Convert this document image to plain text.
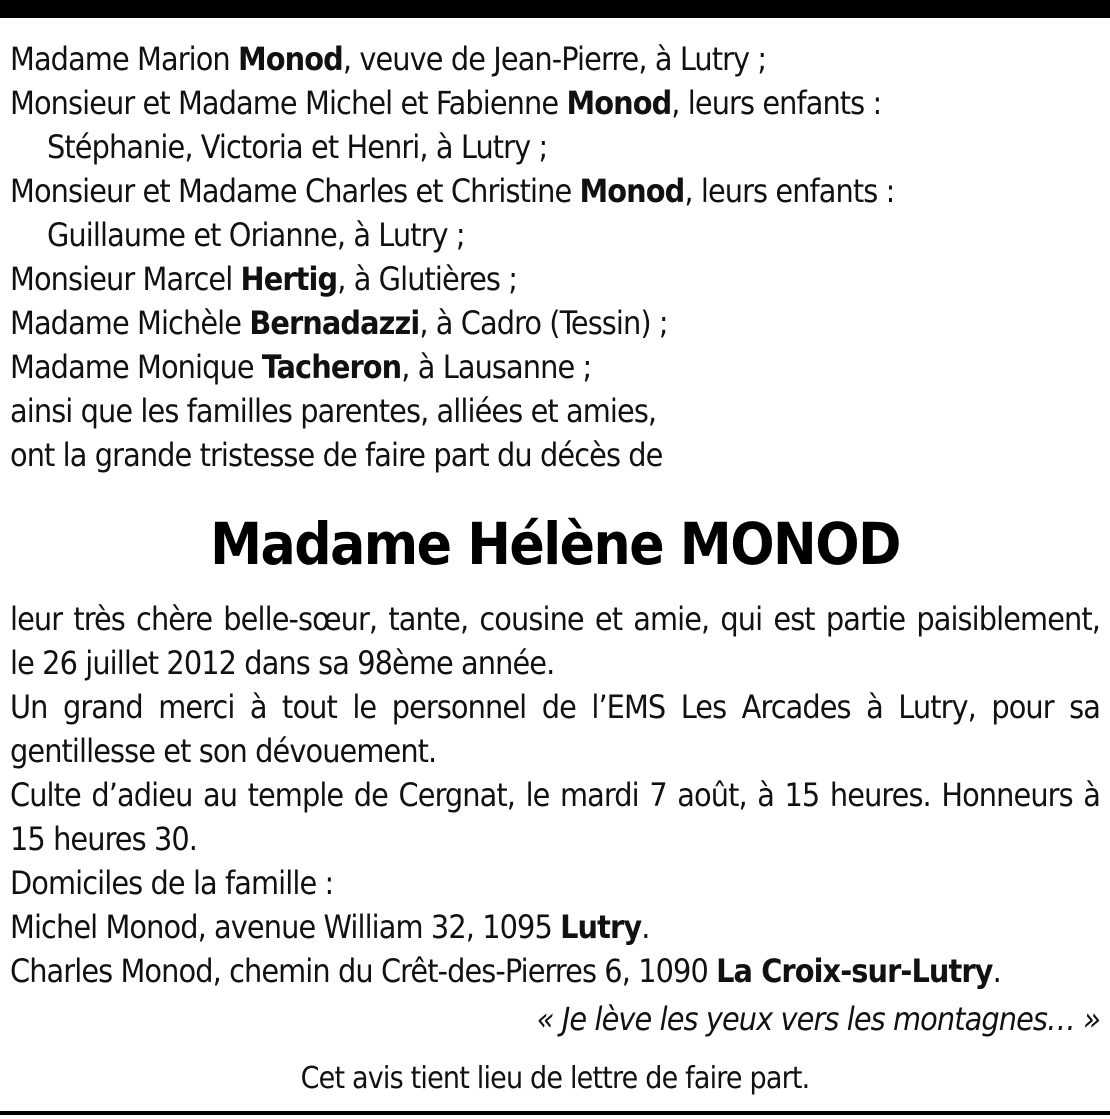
Madame Marion Monod, veuve de Jean-Pierre, à Lutry ;
Monsieur et Madame Michel et Fabienne Monod, leurs enfants :
Stéphanie, Victoria et Henri, à Lutry ;
Monsieur et Madame Charles et Christine Monod, leurs enfants :
Guillaume et Orianne, à Lutry ;
Monsieur Marcel Hertig, à Glutières ;
Madame Michèle Bernadazzi, à Cadro (Tessin) ;
Madame Monique Tacheron, à Lausanne ;
ainsi que les familles parentes, alliées et amies,
ont la grande tristesse de faire part du décès de
Madame Hélène MONOD
leur très chère belle-sœur, tante, cousine et amie, qui est partie paisiblement, le 26 juillet 2012 dans sa 98ème année.
Un grand merci à tout le personnel de l’EMS Les Arcades à Lutry, pour sa gentillesse et son dévouement.
Culte d’adieu au temple de Cergnat, le mardi 7 août, à 15 heures. Honneurs à 15 heures 30.
Domiciles de la famille :
Michel Monod, avenue William 32, 1095 Lutry.
Charles Monod, chemin du Crêt-des-Pierres 6, 1090 La Croix-sur-Lutry.
« Je lève les yeux vers les montagnes… »
Cet avis tient lieu de lettre de faire part.
